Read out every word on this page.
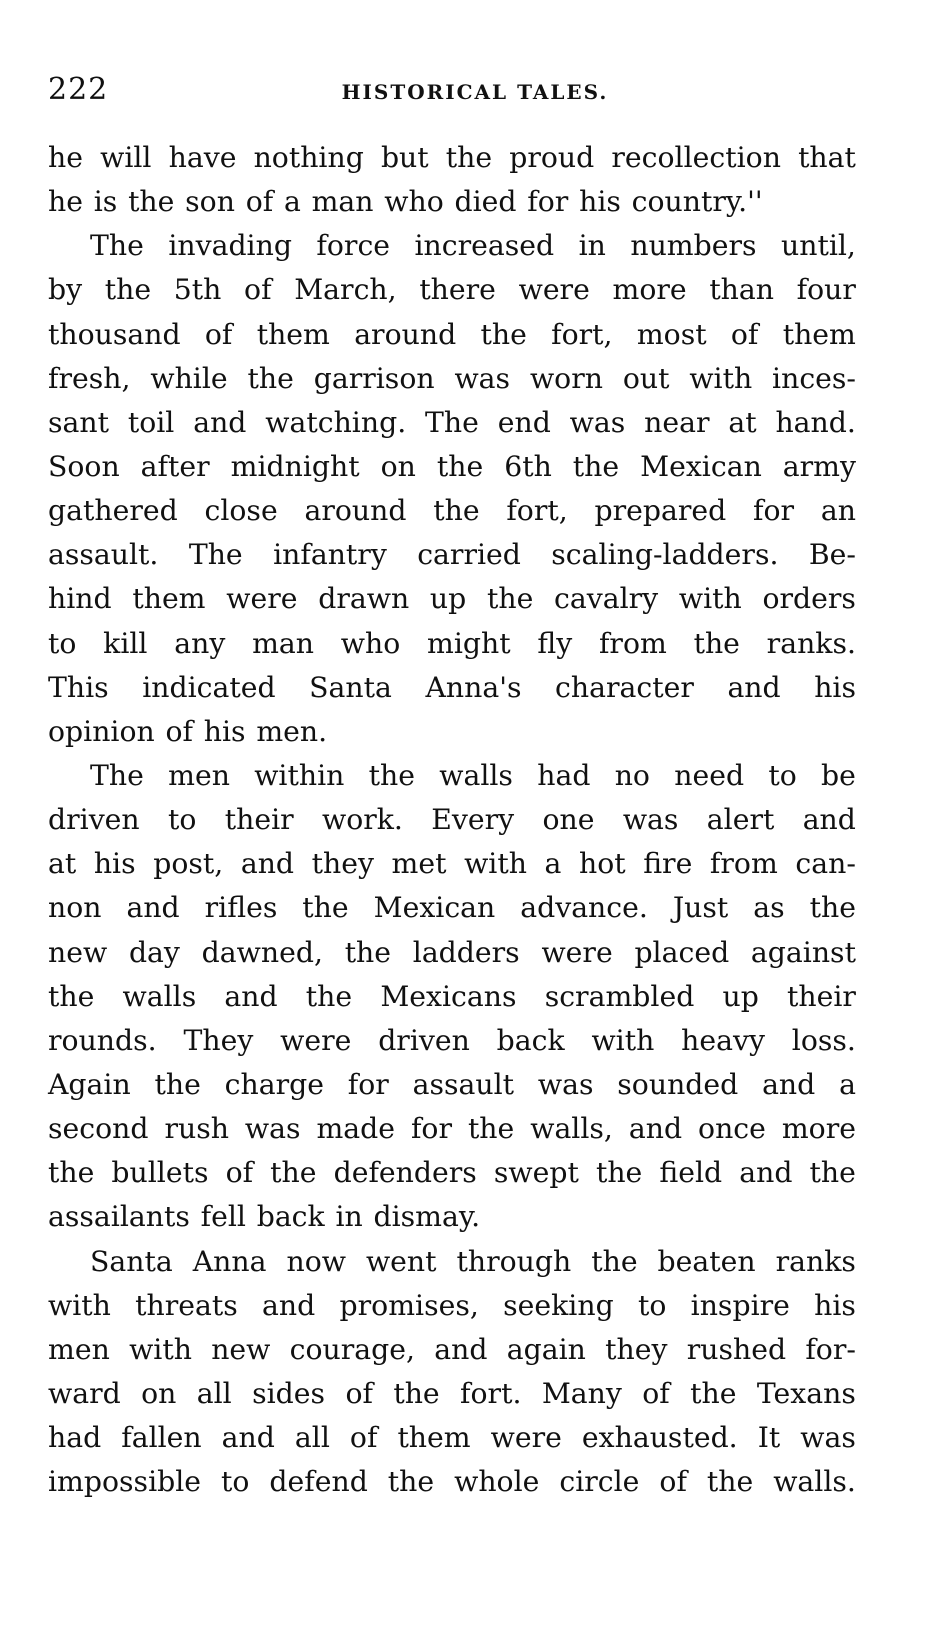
222	HISTORICAL TALES.
he will have nothing but the proud recollection that
he is the son of a man who died for his country.''
The invading force increased in numbers until,
by the 5th of March, there were more than four
thousand of them around the fort, most of them
fresh, while the garrison was worn out with inces-
sant toil and watching. The end was near at hand.
Soon after midnight on the 6th the Mexican army
gathered close around the fort, prepared for an
assault. The infantry carried scaling-ladders. Be-
hind them were drawn up the cavalry with orders
to kill any man who might fly from the ranks.
This indicated Santa Anna's character and his
opinion of his men.
The men within the walls had no need to be
driven to their work. Every one was alert and
at his post, and they met with a hot fire from can-
non and rifles the Mexican advance. Just as the
new day dawned, the ladders were placed against
the walls and the Mexicans scrambled up their
rounds. They were driven back with heavy loss.
Again the charge for assault was sounded and a
second rush was made for the walls, and once more
the bullets of the defenders swept the field and the
assailants fell back in dismay.
Santa Anna now went through the beaten ranks
with threats and promises, seeking to inspire his
men with new courage, and again they rushed for-
ward on all sides of the fort. Many of the Texans
had fallen and all of them were exhausted. It was
impossible to defend the whole circle of the walls.
